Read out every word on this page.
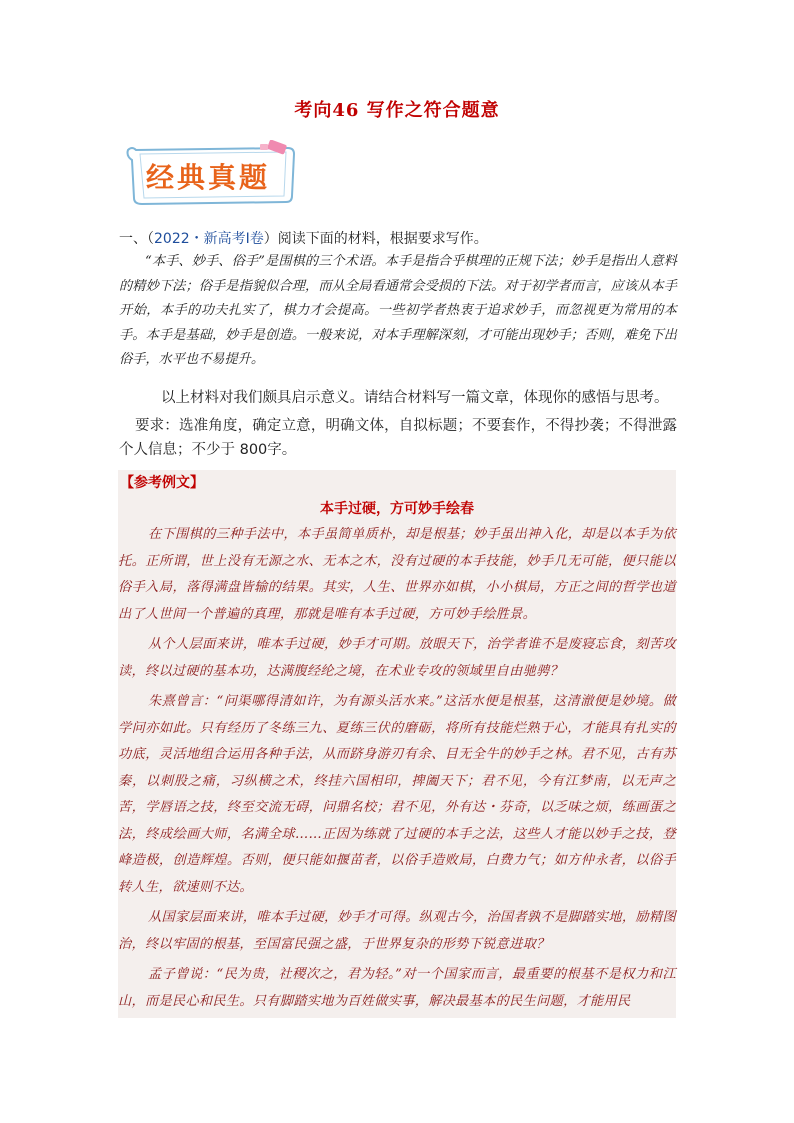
考向46 写作之符合题意
经典真题
一、（2022・新高考Ⅰ卷）阅读下面的材料，根据要求写作。
“本手、妙手、俗手”是围棋的三个术语。本手是指合乎棋理的正规下法；妙手是指出人意料的精妙下法；俗手是指貌似合理，而从全局看通常会受损的下法。对于初学者而言，应该从本手开始，本手的功夫扎实了，棋力才会提高。一些初学者热衷于追求妙手，而忽视更为常用的本手。本手是基础，妙手是创造。一般来说，对本手理解深刻，才可能出现妙手；否则，难免下出俗手，水平也不易提升。
以上材料对我们颇具启示意义。请结合材料写一篇文章，体现你的感悟与思考。
要求：选准角度，确定立意，明确文体，自拟标题；不要套作，不得抄袭；不得泄露个人信息；不少于 800字。
【参考例文】
本手过硬，方可妙手绘春

在下围棋的三种手法中，本手虽简单质朴，却是根基；妙手虽出神入化，却是以本手为依托。正所谓，世上没有无源之水、无本之木，没有过硬的本手技能，妙手几无可能，便只能以俗手入局，落得满盘皆输的结果。其实，人生、世界亦如棋，小小棋局，方正之间的哲学也道出了人世间一个普遍的真理，那就是唯有本手过硬，方可妙手绘胜景。

从个人层面来讲，唯本手过硬，妙手才可期。放眼天下，治学者谁不是废寝忘食，刻苦攻读，终以过硬的基本功，达满腹经纶之境，在术业专攻的领域里自由驰骋？

朱熹曾言：“问渠哪得清如许，为有源头活水来。”这活水便是根基，这清澈便是妙境。做学问亦如此。只有经历了冬练三九、夏练三伏的磨砺，将所有技能烂熟于心，才能具有扎实的功底，灵活地组合运用各种手法，从而跻身游刃有余、目无全牛的妙手之林。君不见，古有苏秦，以刺股之痛，习纵横之术，终挂六国相印，捭阖天下；君不见，今有江梦南，以无声之苦，学唇语之技，终至交流无碍，问鼎名校；君不见，外有达・芬奇，以乏味之烦，练画蛋之法，终成绘画大师，名满全球……正因为练就了过硬的本手之法，这些人才能以妙手之技，登峰造极，创造辉煌。否则，便只能如揠苗者，以俗手造败局，白费力气；如方仲永者，以俗手转人生，欲速则不达。

从国家层面来讲，唯本手过硬，妙手才可得。纵观古今，治国者孰不是脚踏实地，励精图治，终以牢固的根基，至国富民强之盛，于世界复杂的形势下锐意进取？

孟子曾说：“民为贵，社稷次之，君为轻。”对一个国家而言，最重要的根基不是权力和江山，而是民心和民生。只有脚踏实地为百姓做实事，解决最基本的民生问题，才能用民
